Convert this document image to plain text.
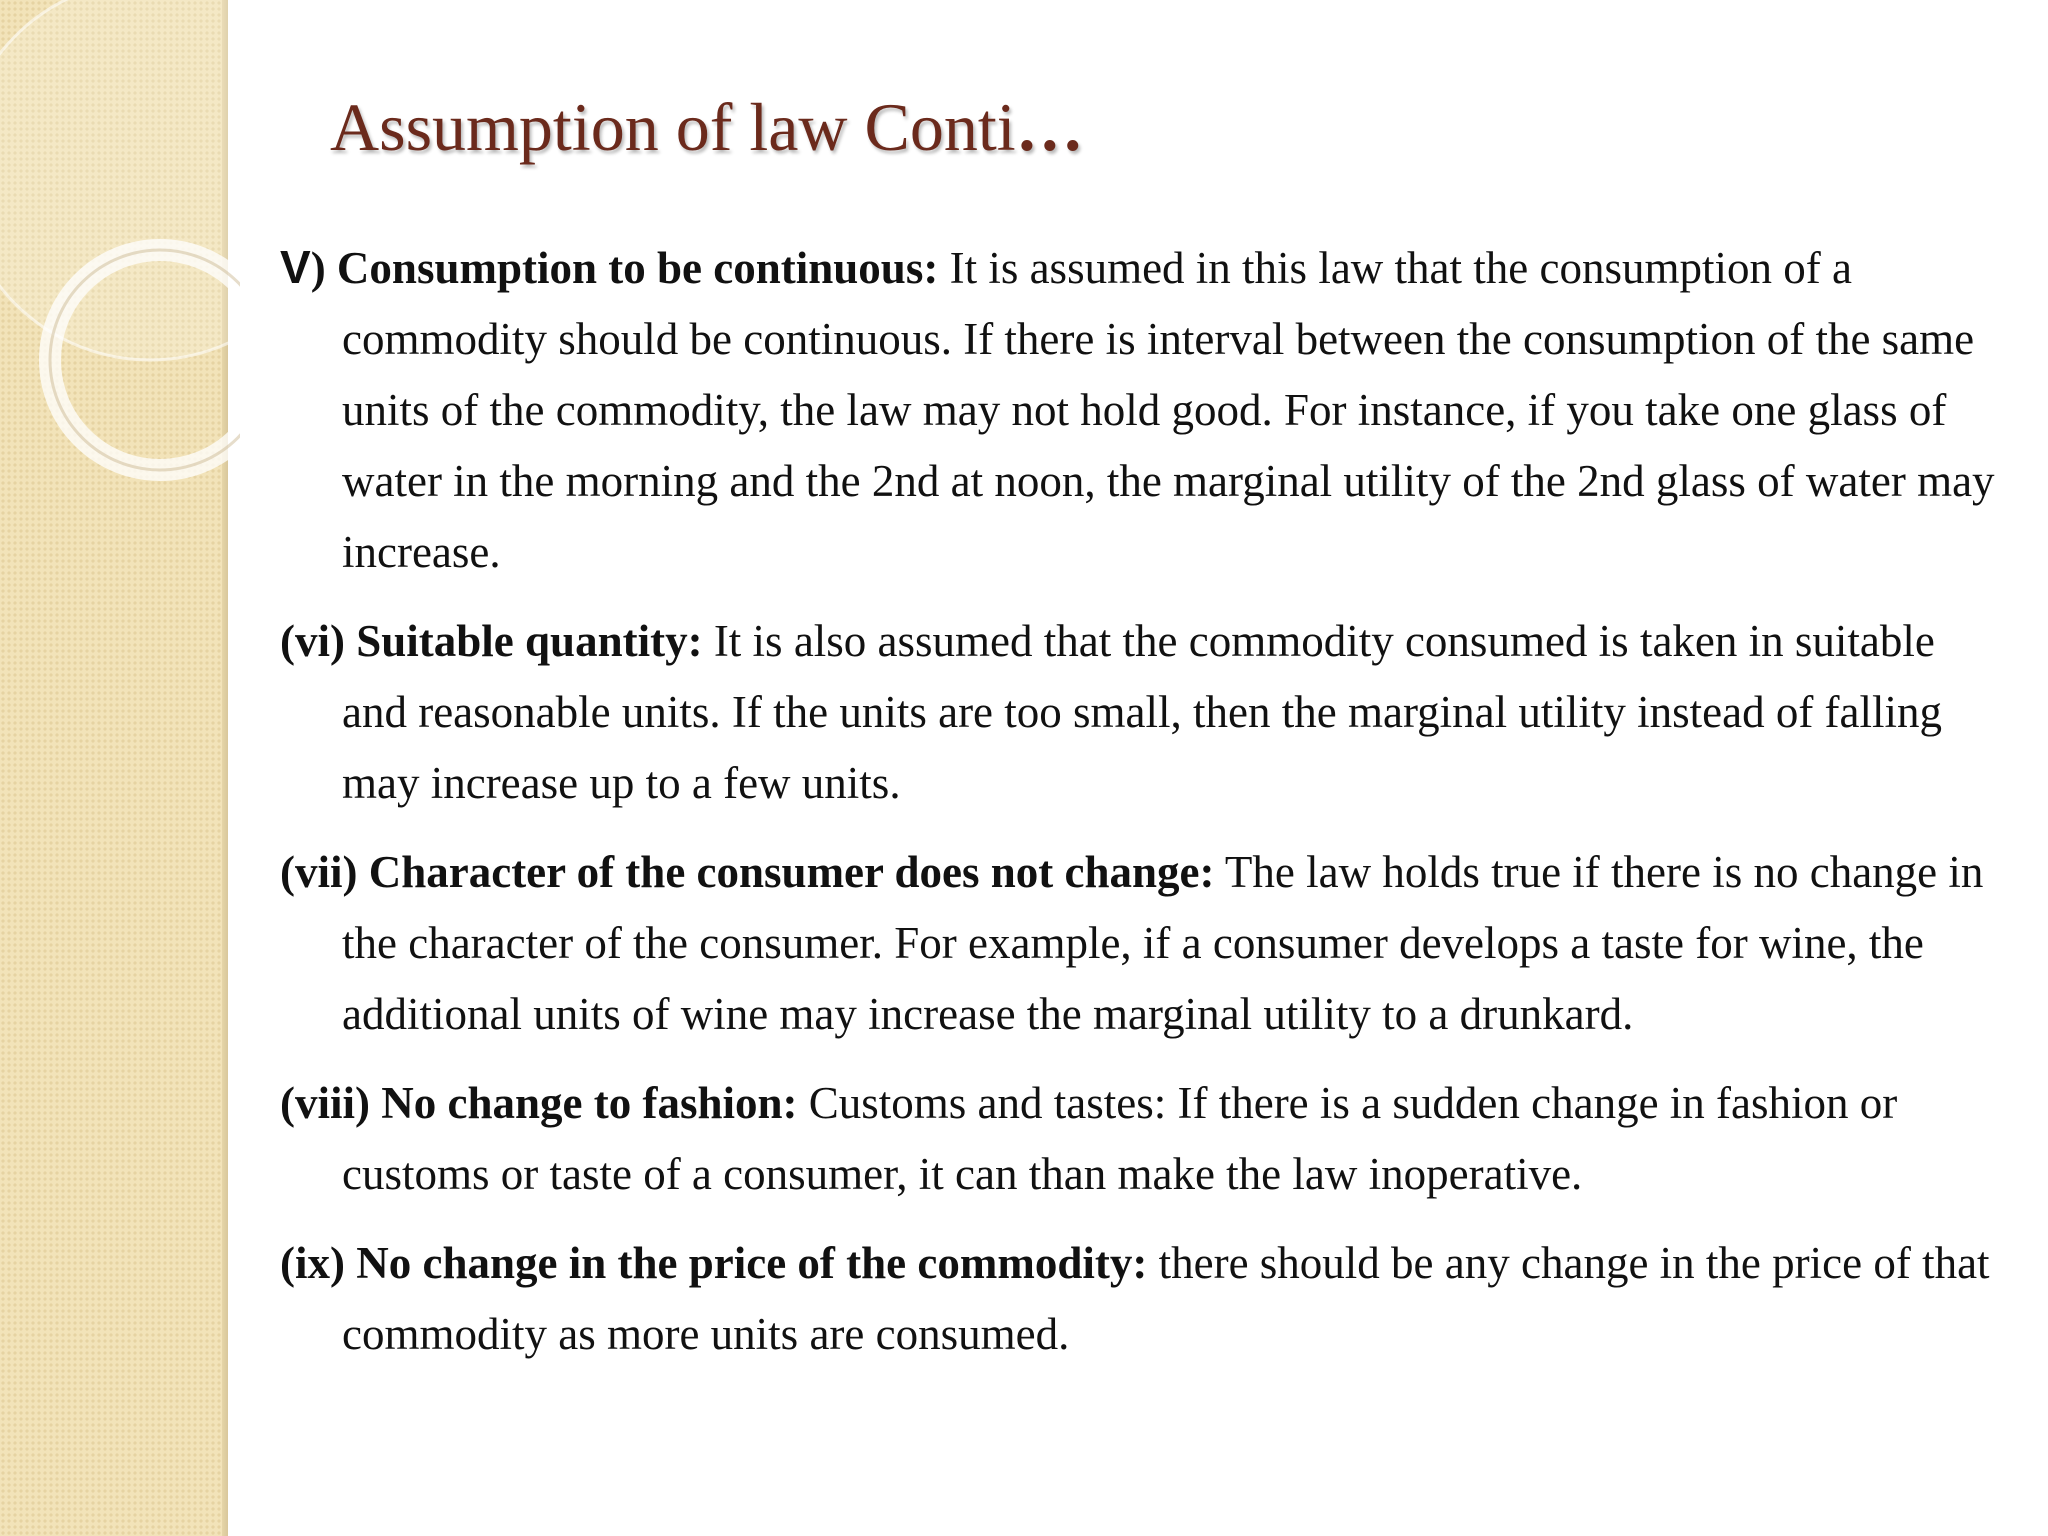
Assumption of law Conti…

V) Consumption to be continuous: It is assumed in this law that the consumption of a commodity should be continuous. If there is interval between the consumption of the same units of the commodity, the law may not hold good. For instance, if you take one glass of water in the morning and the 2nd at noon, the marginal utility of the 2nd glass of water may increase.

(vi) Suitable quantity: It is also assumed that the commodity consumed is taken in suitable and reasonable units. If the units are too small, then the marginal utility instead of falling may increase up to a few units.

(vii) Character of the consumer does not change: The law holds true if there is no change in the character of the consumer. For example, if a consumer develops a taste for wine, the additional units of wine may increase the marginal utility to a drunkard.

(viii) No change to fashion: Customs and tastes: If there is a sudden change in fashion or customs or taste of a consumer, it can than make the law inoperative.

(ix) No change in the price of the commodity: there should be any change in the price of that commodity as more units are consumed.
